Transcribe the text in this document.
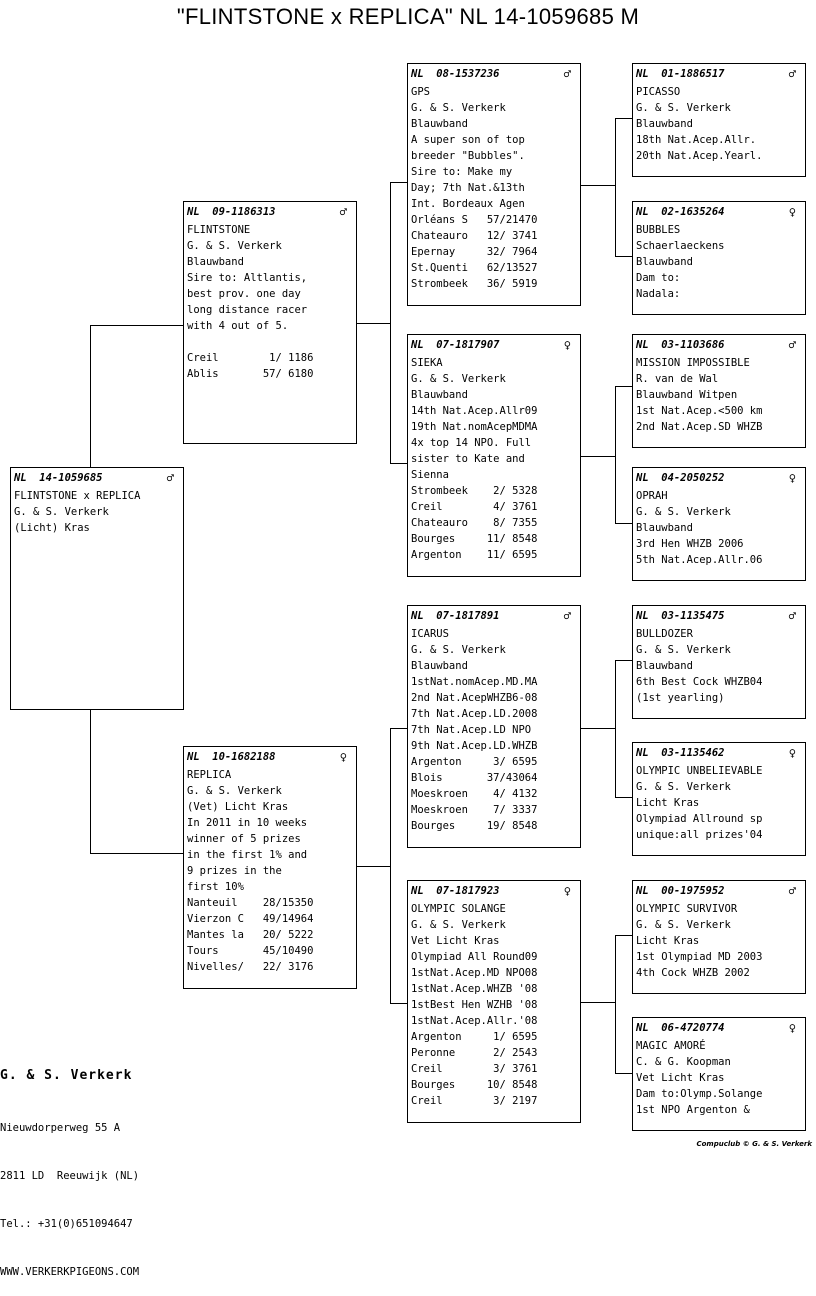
"FLINTSTONE x REPLICA" NL 14-1059685 M
NL  14-1059685	♂
FLINTSTONE x REPLICA
G. & S. Verkerk
(Licht) Kras
NL  09-1186313	♂
FLINTSTONE
G. & S. Verkerk
Blauwband
Sire to: Altlantis,
best prov. one day
long distance racer
with 4 out of 5.
Creil        1/ 1186
Ablis       57/ 6180
NL  10-1682188	♀
REPLICA
G. & S. Verkerk
(Vet) Licht Kras
In 2011 in 10 weeks
winner of 5 prizes
in the first 1% and
9 prizes in the
first 10%
Nanteuil    28/15350
Vierzon C   49/14964
Mantes la   20/ 5222
Tours       45/10490
Nivelles/   22/ 3176
NL  08-1537236	♂
GPS
G. & S. Verkerk
Blauwband
A super son of top
breeder "Bubbles".
Sire to: Make my
Day; 7th Nat.&13th
Int. Bordeaux Agen
Orléans S   57/21470
Chateauro   12/ 3741
Epernay     32/ 7964
St.Quenti   62/13527
Strombeek   36/ 5919
NL  07-1817907	♀
SIEKA
G. & S. Verkerk
Blauwband
14th Nat.Acep.Allr09
19th Nat.nomAcepMDMA
4x top 14 NPO. Full
sister to Kate and
Sienna
Strombeek    2/ 5328
Creil        4/ 3761
Chateauro    8/ 7355
Bourges     11/ 8548
Argenton    11/ 6595
NL  07-1817891	♂
ICARUS
G. & S. Verkerk
Blauwband
1stNat.nomAcep.MD.MA
2nd Nat.AcepWHZB6-08
7th Nat.Acep.LD.2008
7th Nat.Acep.LD NPO
9th Nat.Acep.LD.WHZB
Argenton     3/ 6595
Blois       37/43064
Moeskroen    4/ 4132
Moeskroen    7/ 3337
Bourges     19/ 8548
NL  07-1817923	♀
OLYMPIC SOLANGE
G. & S. Verkerk
Vet Licht Kras
Olympiad All Round09
1stNat.Acep.MD NPO08
1stNat.Acep.WHZB '08
1stBest Hen WZHB '08
1stNat.Acep.Allr.'08
Argenton     1/ 6595
Peronne      2/ 2543
Creil        3/ 3761
Bourges     10/ 8548
Creil        3/ 2197
NL  01-1886517	♂
PICASSO
G. & S. Verkerk
Blauwband
18th Nat.Acep.Allr.
20th Nat.Acep.Yearl.
NL  02-1635264	♀
BUBBLES
Schaerlaeckens
Blauwband
Dam to:
Nadala:
NL  03-1103686	♂
MISSION IMPOSSIBLE
R. van de Wal
Blauwband Witpen
1st Nat.Acep.<500 km
2nd Nat.Acep.SD WHZB
NL  04-2050252	♀
OPRAH
G. & S. Verkerk
Blauwband
3rd Hen WHZB 2006
5th Nat.Acep.Allr.06
NL  03-1135475	♂
BULLDOZER
G. & S. Verkerk
Blauwband
6th Best Cock WHZB04
(1st yearling)
NL  03-1135462	♀
OLYMPIC UNBELIEVABLE
G. & S. Verkerk
Licht Kras
Olympiad Allround sp
unique:all prizes'04
NL  00-1975952	♂
OLYMPIC SURVIVOR
G. & S. Verkerk
Licht Kras
1st Olympiad MD 2003
4th Cock WHZB 2002
NL  06-4720774	♀
MAGIC AMORÉ
C. & G. Koopman
Vet Licht Kras
Dam to:Olymp.Solange
1st NPO Argenton &

G. & S. Verkerk

Nieuwdorperweg 55 A

2811 LD  Reeuwijk (NL)

Tel.: +31(0)651094647

WWW.VERKERKPIGEONS.COM

Compuclub © G. & S. Verkerk
